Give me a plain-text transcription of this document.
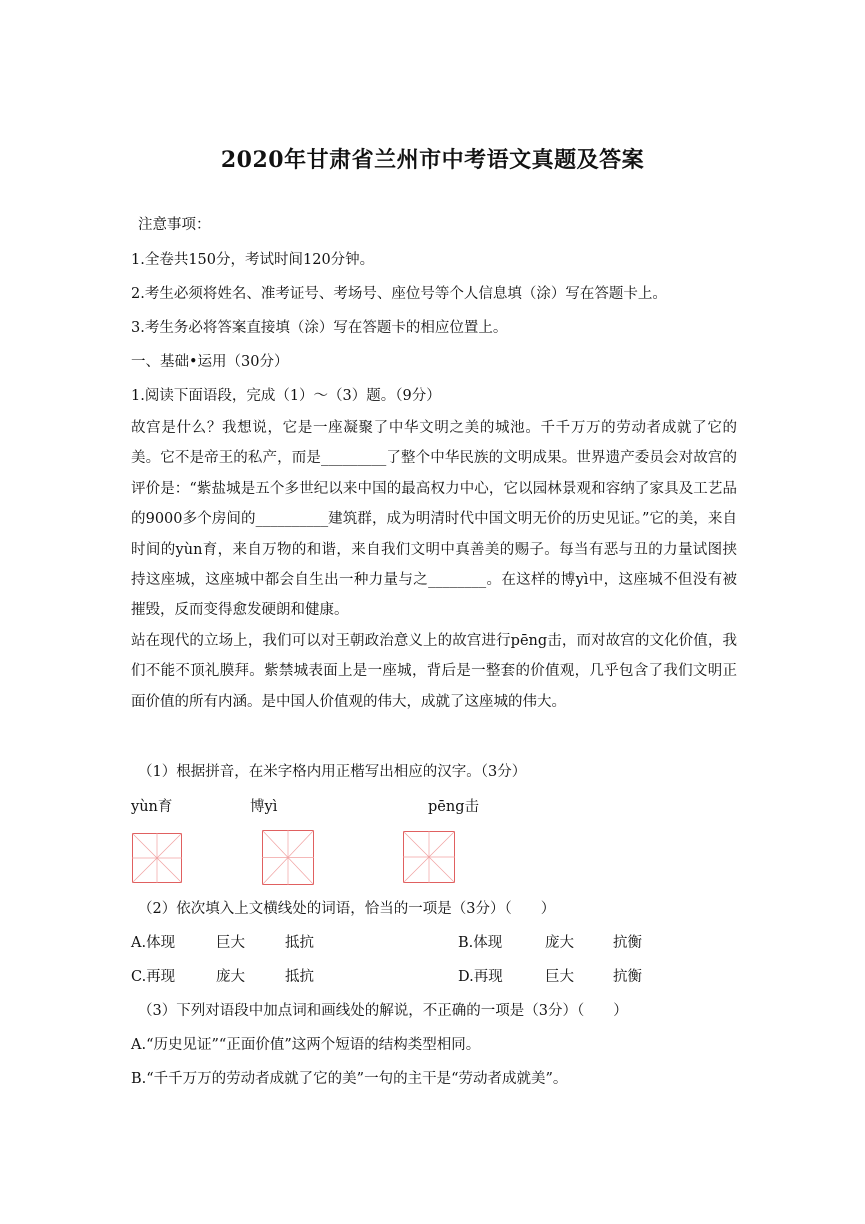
2020年甘肃省兰州市中考语文真题及答案
注意事项：
1.全卷共150分，考试时间120分钟。
2.考生必须将姓名、准考证号、考场号、座位号等个人信息填（涂）写在答题卡上。
3.考生务必将答案直接填（涂）写在答题卡的相应位置上。
一、基础•运用（30分）
1.阅读下面语段，完成（1）～（3）题。（9分）

故宫是什么？我想说，它是一座凝聚了中华文明之美的城池。千千万万的劳动者成就了它的美。它不是帝王的私产，而是_________了整个中华民族的文明成果。世界遗产委员会对故宫的评价是：“紫盐城是五个多世纪以来中国的最高权力中心，它以园林景观和容纳了家具及工艺品的9000多个房间的__________建筑群，成为明清时代中国文明无价的历史见证。”它的美，来自时间的yùn育，来自万物的和谐，来自我们文明中真善美的赐子。每当有恶与丑的力量试图挟持这座城，这座城中都会自生出一种力量与之________。在这样的博yì中，这座城不但没有被摧毁，反而变得愈发硬朗和健康。

站在现代的立场上，我们可以对王朝政治意义上的故宫进行pēng击，而对故宫的文化价值，我们不能不顶礼膜拜。紫禁城表面上是一座城，背后是一整套的价值观，几乎包含了我们文明正面价值的所有内涵。是中国人价值观的伟大，成就了这座城的伟大。

（1）根据拼音，在米字格内用正楷写出相应的汉字。（3分）
yùn育	博yì	pēng击
（2）依次填入上文横线处的词语，恰当的一项是（3分）（　　）
A.体现	巨大	抵抗	B.体现	庞大	抗衡
C.再现	庞大	抵抗	D.再现	巨大	抗衡
（3）下列对语段中加点词和画线处的解说，不正确的一项是（3分）（　　）
A.“历史见证”“正面价值”这两个短语的结构类型相同。
B.“千千万万的劳动者成就了它的美”一句的主干是“劳动者成就美”。
